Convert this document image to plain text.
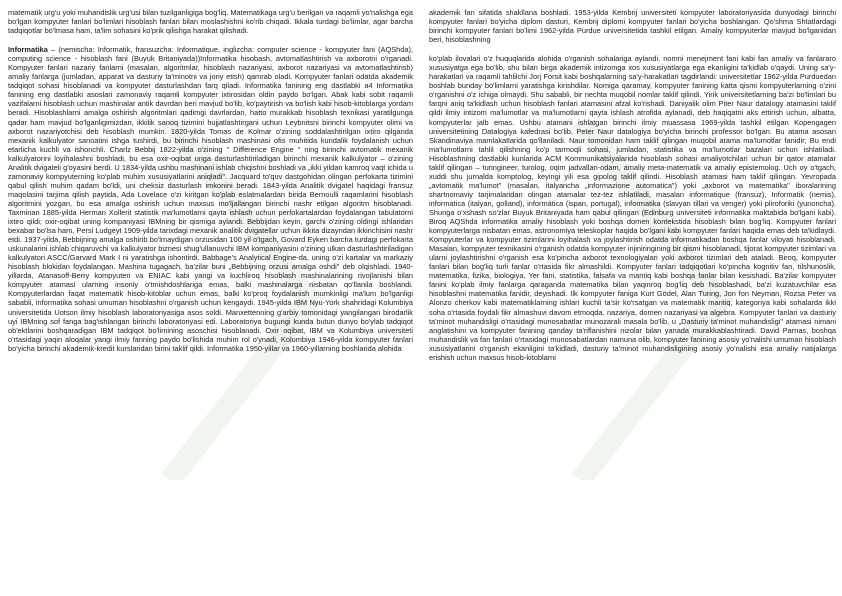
matematik urg'u yoki muhandislik urg'usi bilan tuzilganligiga bog'liq. Matematikaga urg'u berilgan va raqamli yo'nalishga ega bo'lgan kompyuter fanlari bo'limlari hisoblash fanlari bilan moslashishni ko'rib chiqadi. Ikkala turdagi bo'limlar, agar barcha tadqiqotlar bo'lmasa ham, ta'lim sohasini ko'prik qilishga harakat qilishadi.

Informatika – (nemischa: Informatik, fransuzcha: Informatique, inglizcha: computer science - kompyuter fani (AQShda), computing science - hisoblash fani (Buyuk Britaniyada))Informatika hisobash, avtomatlashtirish va axborotni o'rganadi. Kompyuter fanlari nazariy fanlarni (masalan, algoritmlar, hisoblash nazariyasi, axborot nazariyasi va avtomatlashtirish) amaliy fanlarga (jumladan, apparat va dasturiy ta'minotni va joriy etish) qamrab oladi. Kompyuter fanlari odatda akademik tadqiqot sohasi hisoblanadi va kompyuter dasturlashdan farq qiladi. Informatika fanining eng dastlabki a4 Informatika fanining eng dastlabki asoslari zamonaviy raqamli kompyuter ixtirosidan oldin paydo bo'lgan. Abak kabi sobit raqamli vazifalarni hisoblash uchun mashinalar antik davrdan beri mavjud bo'lib, ko'paytirish va bo'lish kabi hisob-kitoblarga yordam beradi. Hisoblashlarni amalga oshirish algoritmlari qadimgi davrlardan, hatto murakkab hisoblash texnikasi yaratilgunga qadar ham mavjud bo'lganligimizdan, ikkilik sanoq tizimini hujjatlashtirgani uchun Leybnitsni birinchi kompyuter olimi va axborot nazariyotchisi deb hisoblash mumkin. 1820-yilda Tomas de Kolmar o'zining soddalashtirilgan ixtiro qilganda mexanik kalkulyator sanoatini ishga tushirdi, bu birinchi hisoblash mashinasi ofis muhitida kundalik foydalanish uchun etarlicha kuchli va ishonchli. Charlz Bebbij 1822-yilda o'zining " Difference Engine " ning birinchi avtomatik mexanik kalkulyatorini loyihalashni boshladi, bu esa oxir-oqibat unga dasturlashtiriladigan birinchi mexanik kalkulyator – o'zining Analitik dvigateli g'oyasini berdi. U 1834-yilda ushbu mashinani ishlab chiqishni boshladi va „ikki yildan kamroq vaqt ichida u zamonaviy kompyuterning ko'plab muhim xususiyatlarini aniqladi". Jacquard to'quv dastgohidan olingan perfokarta tizimini qabul qilish muhim qadam bo'ldi, uni cheksiz dasturlash imkonini beradi. 1843-yilda Analitik dvigatel haqidagi fransuz maqolasini tarjima qilish paytida, Ada Lovelace o'zi kiritgan ko'plab eslatmalardan birida Bernoulli raqamlarini hisoblash algoritmini yozgan, bu esa amalga oshirish uchun maxsus mo'ljallangan birinchi nashr etilgan algoritm hisoblanadi. Taxminan 1885-yilda Herman Xollerit statistik ma'lumotlarni qayta ishlash uchun perfokartalardan foydalangan tabulatorni ixtiro qildi; oxir-oqibat uning kompaniyasi IBMning bir qismiga aylandi. Bebbijdan keyin, garchi o'zining oldingi ishlaridan bexabar bo'lsa ham, Persi Ludgeyt 1909-yilda tarixdagi mexanik analitik dvigatellar uchun ikkita dizayndan ikkinchisini nashr etdi. 1937-yilda, Bebbijning amalga oshirib bo'lmaydigan orzusidan 100 yil o'tgach, Govard Eyken barcha turdagi perfokarta uskunalarini ishlab chiqaruvchi va kalkulyator biznesi shug'ullanuvchi IBM kompaniyasini o'zining ulkan dasturlashtiriladigan kalkulyatori ASCC/Garvard Mark I ni yaratishga ishontirdi. Babbage's Analytical Engine-da, uning o'zi kartalar va markaziy hisoblash blokidan foydalangan. Mashina tugagach, ba'zilar buni „Bebbijning orzusi amalga oshdi" deb olqishladi. 1940-yillarda, Atanasoff-Berry kompyuteri va ENIAC kabi yangi va kuchliroq hisoblash mashinalarining rivojlanishi bilan kompyuter atamasi ularning insoniy o'tmishdoshlariga emas, balki mashinalarga nisbatan qo'llanila boshlandi. Kompyuterlardan faqat matematik hisob-kitoblar uchun emas, balki ko'proq foydalanish mumkinligi ma'lum bo'lganligi sababli, informatika sohasi umuman hisoblashni o'rganish uchun kengaydi. 1945-yilda IBM Nyu-York shahridagi Kolumbiya universitetida Uotson ilmiy hisoblash laboratoriyasiga asos soldi. Manxettenning g'arbiy tomonidagi yangilangan birodarlik uyi IBMning sof fanga bag'ishlangan birinchi laboratoriyasi edi. Laboratoriya bugungi kunda butun dunyo bo'ylab tadqiqot ob'ektlarini boshqaradigan IBM tadqiqot bo'limining asoschisi hisoblanadi. Oxir oqibat, IBM va Kolumbiya universiteti o'rtasidagi yaqin aloqalar yangi ilmiy fanning paydo bo'lishida muhim rol o'ynadi, Kolumbiya 1946-yilda kompyuter fanlari bo'yicha birinchi akademik-kredit kurslaridan birini taklif qildi. Informatika 1950-yillar va 1960-yillarning boshlarida alohida

akademik fan sifatida shakllana boshladi. 1953-yilda Kembrij universiteti kompyuter laboratoriyasida dunyodagi birinchi kompyuter fanlari bo'yicha diplom dasturi, Kembrij diplomi kompyuter fanlari bo'yicha boshlangan. Qo'shma Shtatlardagi birinchi kompyuter fanlari bo'limi 1962-yilda Purdue universitetida tashkil etilgan. Amaliy kompyuterlar mavjud bo'lganidan beri, hisoblashning

ko'plab ilovalari o'z huquqlarida alohida o'rganish sohalariga aylandi. nomni menejment fani kabi fan amaliy va fanlararo xususiyatga ega bo'lib, shu bilan birga akademik intizomga xos xususiyatlarga ega ekanligini ta'kidlab o'qaydi. Uning sa'y-harakatlari va raqamli tahlilchi Jorj Forsit kabi boshqalarning sa'y-harakatlari tagdirlandi: universitetlar 1962-yilda Purduedan boshlab bunday bo'limlarni yaratishga kirishdilar. Nomiga qaramay, kompyuter fanining katta qismi kompyuterlarning o'zini o'rganishni o'z ichiga olmaydi. Shu sababli, bir nechta muqobil nomlar taklif qilindi. Yirik universitetlarning ba'zi bo'limlari bu farqni aniq ta'kidlash uchun hisoblash fanlari atamasini afzal ko'rishadi. Daniyalik olim Piter Naur datalogy atamasini taklif qildi ilmiy intizom ma'lumotlar va ma'lumotlarni qayta ishlash atrofida aylanadi, deb haqiqatni aks ettirish uchun, albatta, kompyuterlar jalb emas. Ushbu atamani ishlatgan birinchi ilmiy muassasa 1969-yilda tashkil etilgan Kopengagen universitetining Datalogiya kafedrasi bo'lib, Peter Naur datalogiya bo'yicha birinchi professor bo'lgan. Bu atama asosan Skandinaviya mamlakatlarida qo'llaniladi. Naur tomonidan ham taklif qilingan muqobil atama ma'lumotlar fanidir; Bu endi ma'lumotlarni tahlil qilishning ko'p tarmoqli sohasi, jumladan, statistika va ma'lumotlar bazalari uchun ishlatiladi. Hisoblashning dastlabki kunlarida ACM Kommunikatsiyalarida hisoblash sohasi amaliyotchilari uchun bir qator atamalar taklif qilingan – turingineer, turolog, oqim jadvallari-odam, amaliy meta-matematik va amaliy epistemolog. Uch oy o'tgach, xuddi shu jurnalda komptolog, keyingi yili esa gipolog taklif qilindi. Hisoblash atamasi ham taklif qilingan. Yevropada „avtomatik ma'lumot" (masalan, italyancha „informazione automatica") yoki „axborot va matematika" iboralarining shartnomaviy tarjimalaridan olingan atamalar tez-tez ishlatiladi, masalan informatique (fransuz), Informatik (nemis), informatica (italyan, golland), informática (ispan, portugal), informatika (slavyan tillari va venger) yoki pliroforiki (yunoncha). Shunga o'xshash so'zlar Buyuk Britaniyada ham qabul qilingan (Edinburg universiteti informatika maktabida bo'lgani kabi). Biroq AQShda informatika amaliy hisoblash yoki boshqa domen kontekstida hisoblash bilan bog'liq. Kompyuter fanlari kompyuterlarga nisbatan emas, astronomiya teleskoplar haqida bo'lgani kabi kompyuter fanlari haqida emas deb ta'kidlaydi. Kompyuterlar va kompyuter tizimlarini loyihalash va joylashtirish odatda informatikadan boshqa fanlar viloyati hisoblanadi. Masalan, kompyuter texnikasini o'rganish odatda kompyuter injiniringining bir qismi hisoblanadi, tijorat kompyuter tizimlari va ularni joylashtirishni o'rganish esa ko'pincha axborot texnologiyalari yoki axborot tizimlari deb ataladi. Biroq, kompyuter fanlari bilan bog'liq turli fanlar o'rtasida fikr almashildi. Kompyuter fanlari tadqiqotlari ko'pincha kognitiv fan, tilshunoslik, matematika, fizika, biologiya, Yer fani, statistika, falsafa va mantiq kabi boshqa fanlar bilan kesishadi. Ba'zilar kompyuter fanini ko'plab ilmiy fanlarga qaraganda matematika bilan yaqinroq bog'liq deb hisoblashadi, ba'zi kuzatuvchilar esa hisoblashni matematika fanidir, deyishadi. Ilk kompyuter faniga Kurt Gödel, Alan Turing, Jon fon Neyman, Rozsa Peter va Alonzo cherkov kabi matematiklarning ishlari kuchli ta'sir ko'rsatgan va matematik mantiq, kategoriya kabi sohalarda ikki soha o'rtasida foydali fikr almashuvi davom etmoqda. nazariya, domen nazariyasi va algebra. Kompyuter fanlari va dasturiy ta'minot muhandisligi o'rtasidagi munosabatlar munozarali masala bo'lib, u „Dasturiy ta'minot muhandisligi" atamasi nimani anglatishini va kompyuter fanining qanday ta'riflanishini nizolar bilan yanada murakkablashtiradi. David Parnas, boshqa muhandislik va fan fanlari o'rtasidagi munosabatlardan namuna olib, kompyuter fanining asosiy yo'nalishi umuman hisoblash xususiyatlarini o'rganish ekanligini ta'kidladi, dasturiy ta'minot muhandisligining asosiy yo'nalishi esa amaliy natijalarga erishish uchun maxsus hisob-kitoblarni
